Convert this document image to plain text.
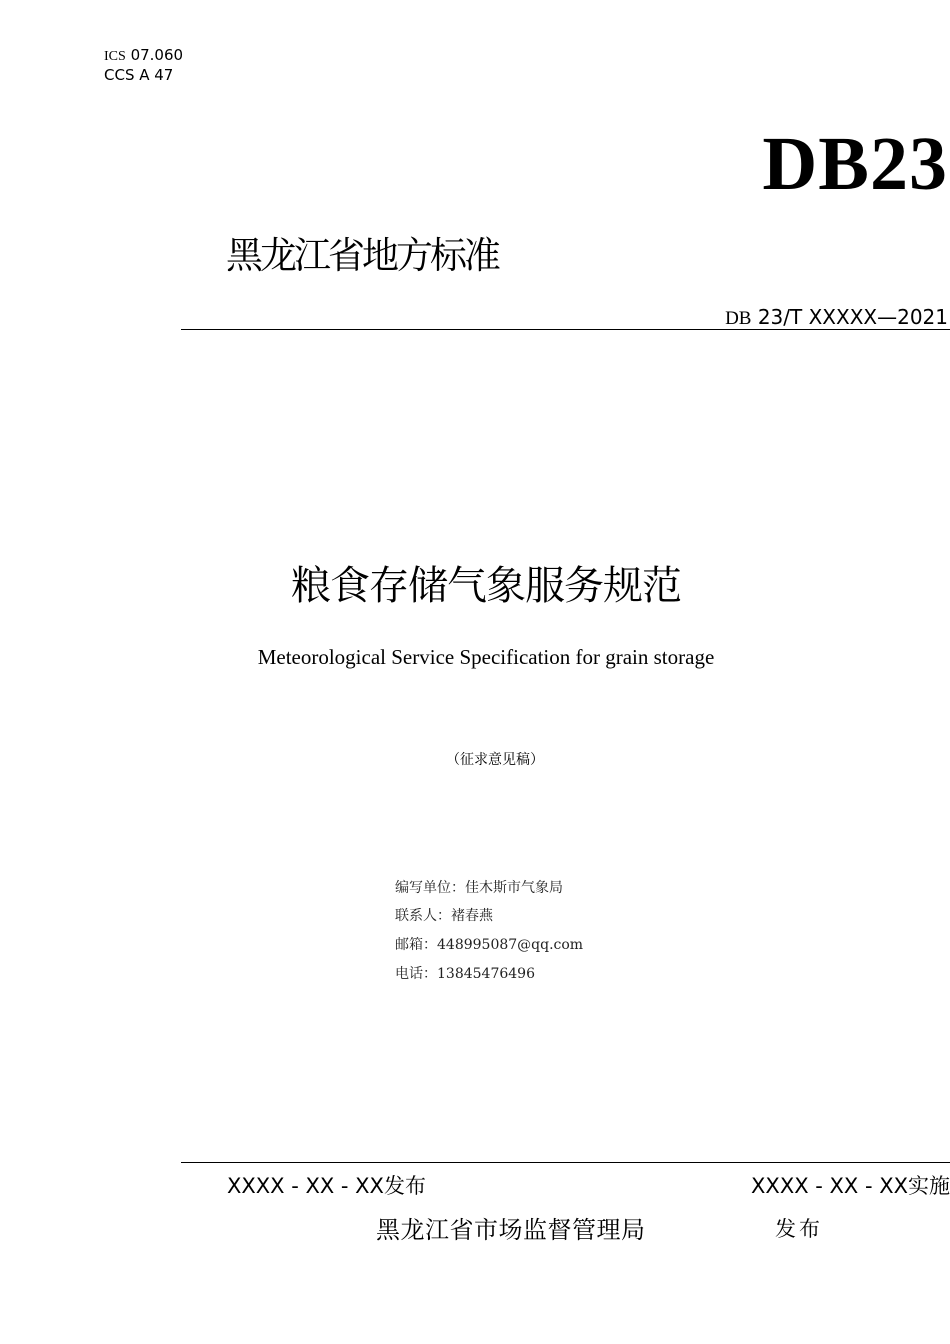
ICS 07.060
CCS A 47
DB23
黑龙江省地方标准
DB 23/T XXXXX—2021
粮食存储气象服务规范
Meteorological Service Specification for grain storage
（征求意见稿）
编写单位：佳木斯市气象局
联系人：褚春燕
邮箱：448995087@qq.com
电话：13845476496
XXXX - XX - XX发布	XXXX - XX - XX实施
黑龙江省市场监督管理局	发布
